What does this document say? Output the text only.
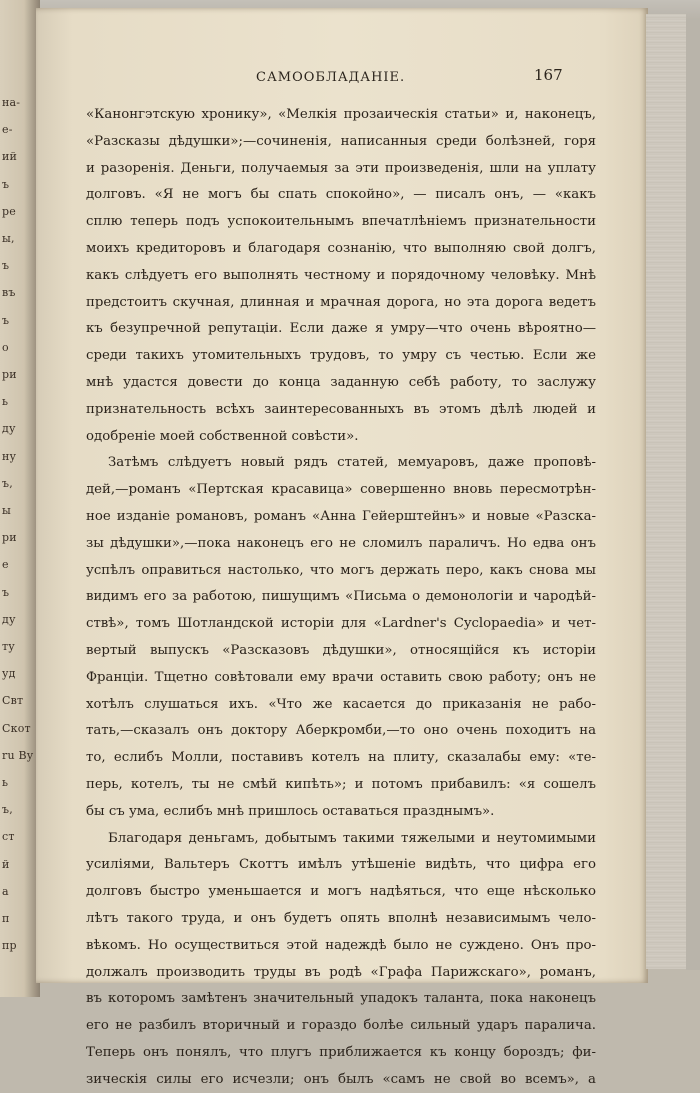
на-
е-
ий
ъ
ре
ы,
ъ
въ
ъ
о
ри
ь
ду
ну
ъ,
ы
ри
е
ъ
ду
ту
уд
Свт
Скот
ru Ву
ь
ъ,
ст
й
а
п
пр
САМООБЛАДАНІЕ.	167
«Канонгэтскую хронику», «Мелкія прозаическія статьи» и, наконецъ,
«Разсказы дѣдушки»;—сочиненія, написанныя среди болѣзней, горя
и разоренія. Деньги, получаемыя за эти произведенія, шли на уплату
долговъ. «Я не могъ бы спать спокойно», — писалъ онъ, — «какъ
сплю теперь подъ успокоительнымъ впечатлѣніемъ признательности
моихъ кредиторовъ и благодаря сознанію, что выполняю свой долгъ,
какъ слѣдуетъ его выполнять честному и порядочному человѣку. Мнѣ
предстоитъ скучная, длинная и мрачная дорога, но эта дорога ведетъ
къ безупречной репутаціи. Если даже я умру—что очень вѣроятно—
среди такихъ утомительныхъ трудовъ, то умру съ честью. Если же
мнѣ удастся довести до конца заданную себѣ работу, то заслужу
признательность всѣхъ заинтересованныхъ въ этомъ дѣлѣ людей и
одобреніе моей собственной совѣсти».
Затѣмъ слѣдуетъ новый рядъ статей, мемуаровъ, даже проповѣ-
дей,—романъ «Пертская красавица» совершенно вновь пересмотрѣн-
ное изданіе романовъ, романъ «Анна Гейерштейнъ» и новые «Разска-
зы дѣдушки»,—пока наконецъ его не сломилъ параличъ. Но едва онъ
успѣлъ оправиться настолько, что могъ держать перо, какъ снова мы
видимъ его за работою, пишущимъ «Письма о демонологіи и чародѣй-
ствѣ», томъ Шотландской исторіи для «Lardner's Cyclopaedia» и чет-
вертый выпускъ «Разсказовъ дѣдушки», относящійся къ исторіи
Франціи. Тщетно совѣтовали ему врачи оставить свою работу; онъ не
хотѣлъ слушаться ихъ. «Что же касается до приказанія не рабо-
тать,—сказалъ онъ доктору Аберкромби,—то оно очень походитъ на
то, еслибъ Молли, поставивъ котелъ на плиту, сказалабы ему: «те-
перь, котелъ, ты не смѣй кипѣть»; и потомъ прибавилъ: «я сошелъ
бы съ ума, еслибъ мнѣ пришлось оставаться празднымъ».
Благодаря деньгамъ, добытымъ такими тяжелыми и неутомимыми
усиліями, Вальтеръ Скоттъ имѣлъ утѣшеніе видѣть, что цифра его
долговъ быстро уменьшается и могъ надѣяться, что еще нѣсколько
лѣтъ такого труда, и онъ будетъ опять вполнѣ независимымъ чело-
вѣкомъ. Но осуществиться этой надеждѣ было не суждено. Онъ про-
должалъ производить труды въ родѣ «Графа Парижскаго», романъ,
въ которомъ замѣтенъ значительный упадокъ таланта, пока наконецъ
его не разбилъ вторичный и гораздо болѣе сильный ударъ паралича.
Теперь онъ понялъ, что плугъ приближается къ концу бороздъ; фи-
зическія силы его исчезли; онъ былъ «самъ не свой во всемъ», а
